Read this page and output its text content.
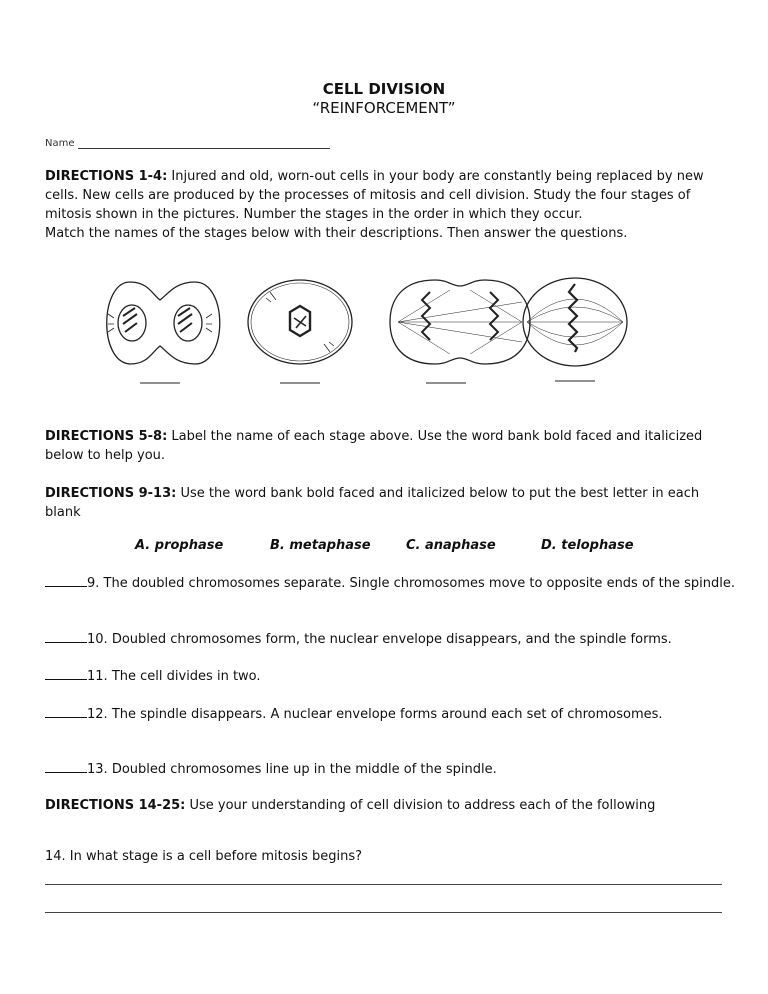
CELL DIVISION
“REINFORCEMENT”
Name
DIRECTIONS 1-4: Injured and old, worn-out cells in your body are constantly being replaced by new cells. New cells are produced by the processes of mitosis and cell division. Study the four stages of mitosis shown in the pictures. Number the stages in the order in which they occur.
Match the names of the stages below with their descriptions. Then answer the questions.
DIRECTIONS 5-8: Label the name of each stage above. Use the word bank bold faced and italicized below to help you.
DIRECTIONS 9-13: Use the word bank bold faced and italicized below to put the best letter in each blank
A. prophase	B. metaphase	C. anaphase	D. telophase
9. The doubled chromosomes separate. Single chromosomes move to opposite ends of the spindle.
10. Doubled chromosomes form, the nuclear envelope disappears, and the spindle forms.
11. The cell divides in two.
12. The spindle disappears. A nuclear envelope forms around each set of chromosomes.
13. Doubled chromosomes line up in the middle of the spindle.
DIRECTIONS 14-25: Use your understanding of cell division to address each of the following
14. In what stage is a cell before mitosis begins?
